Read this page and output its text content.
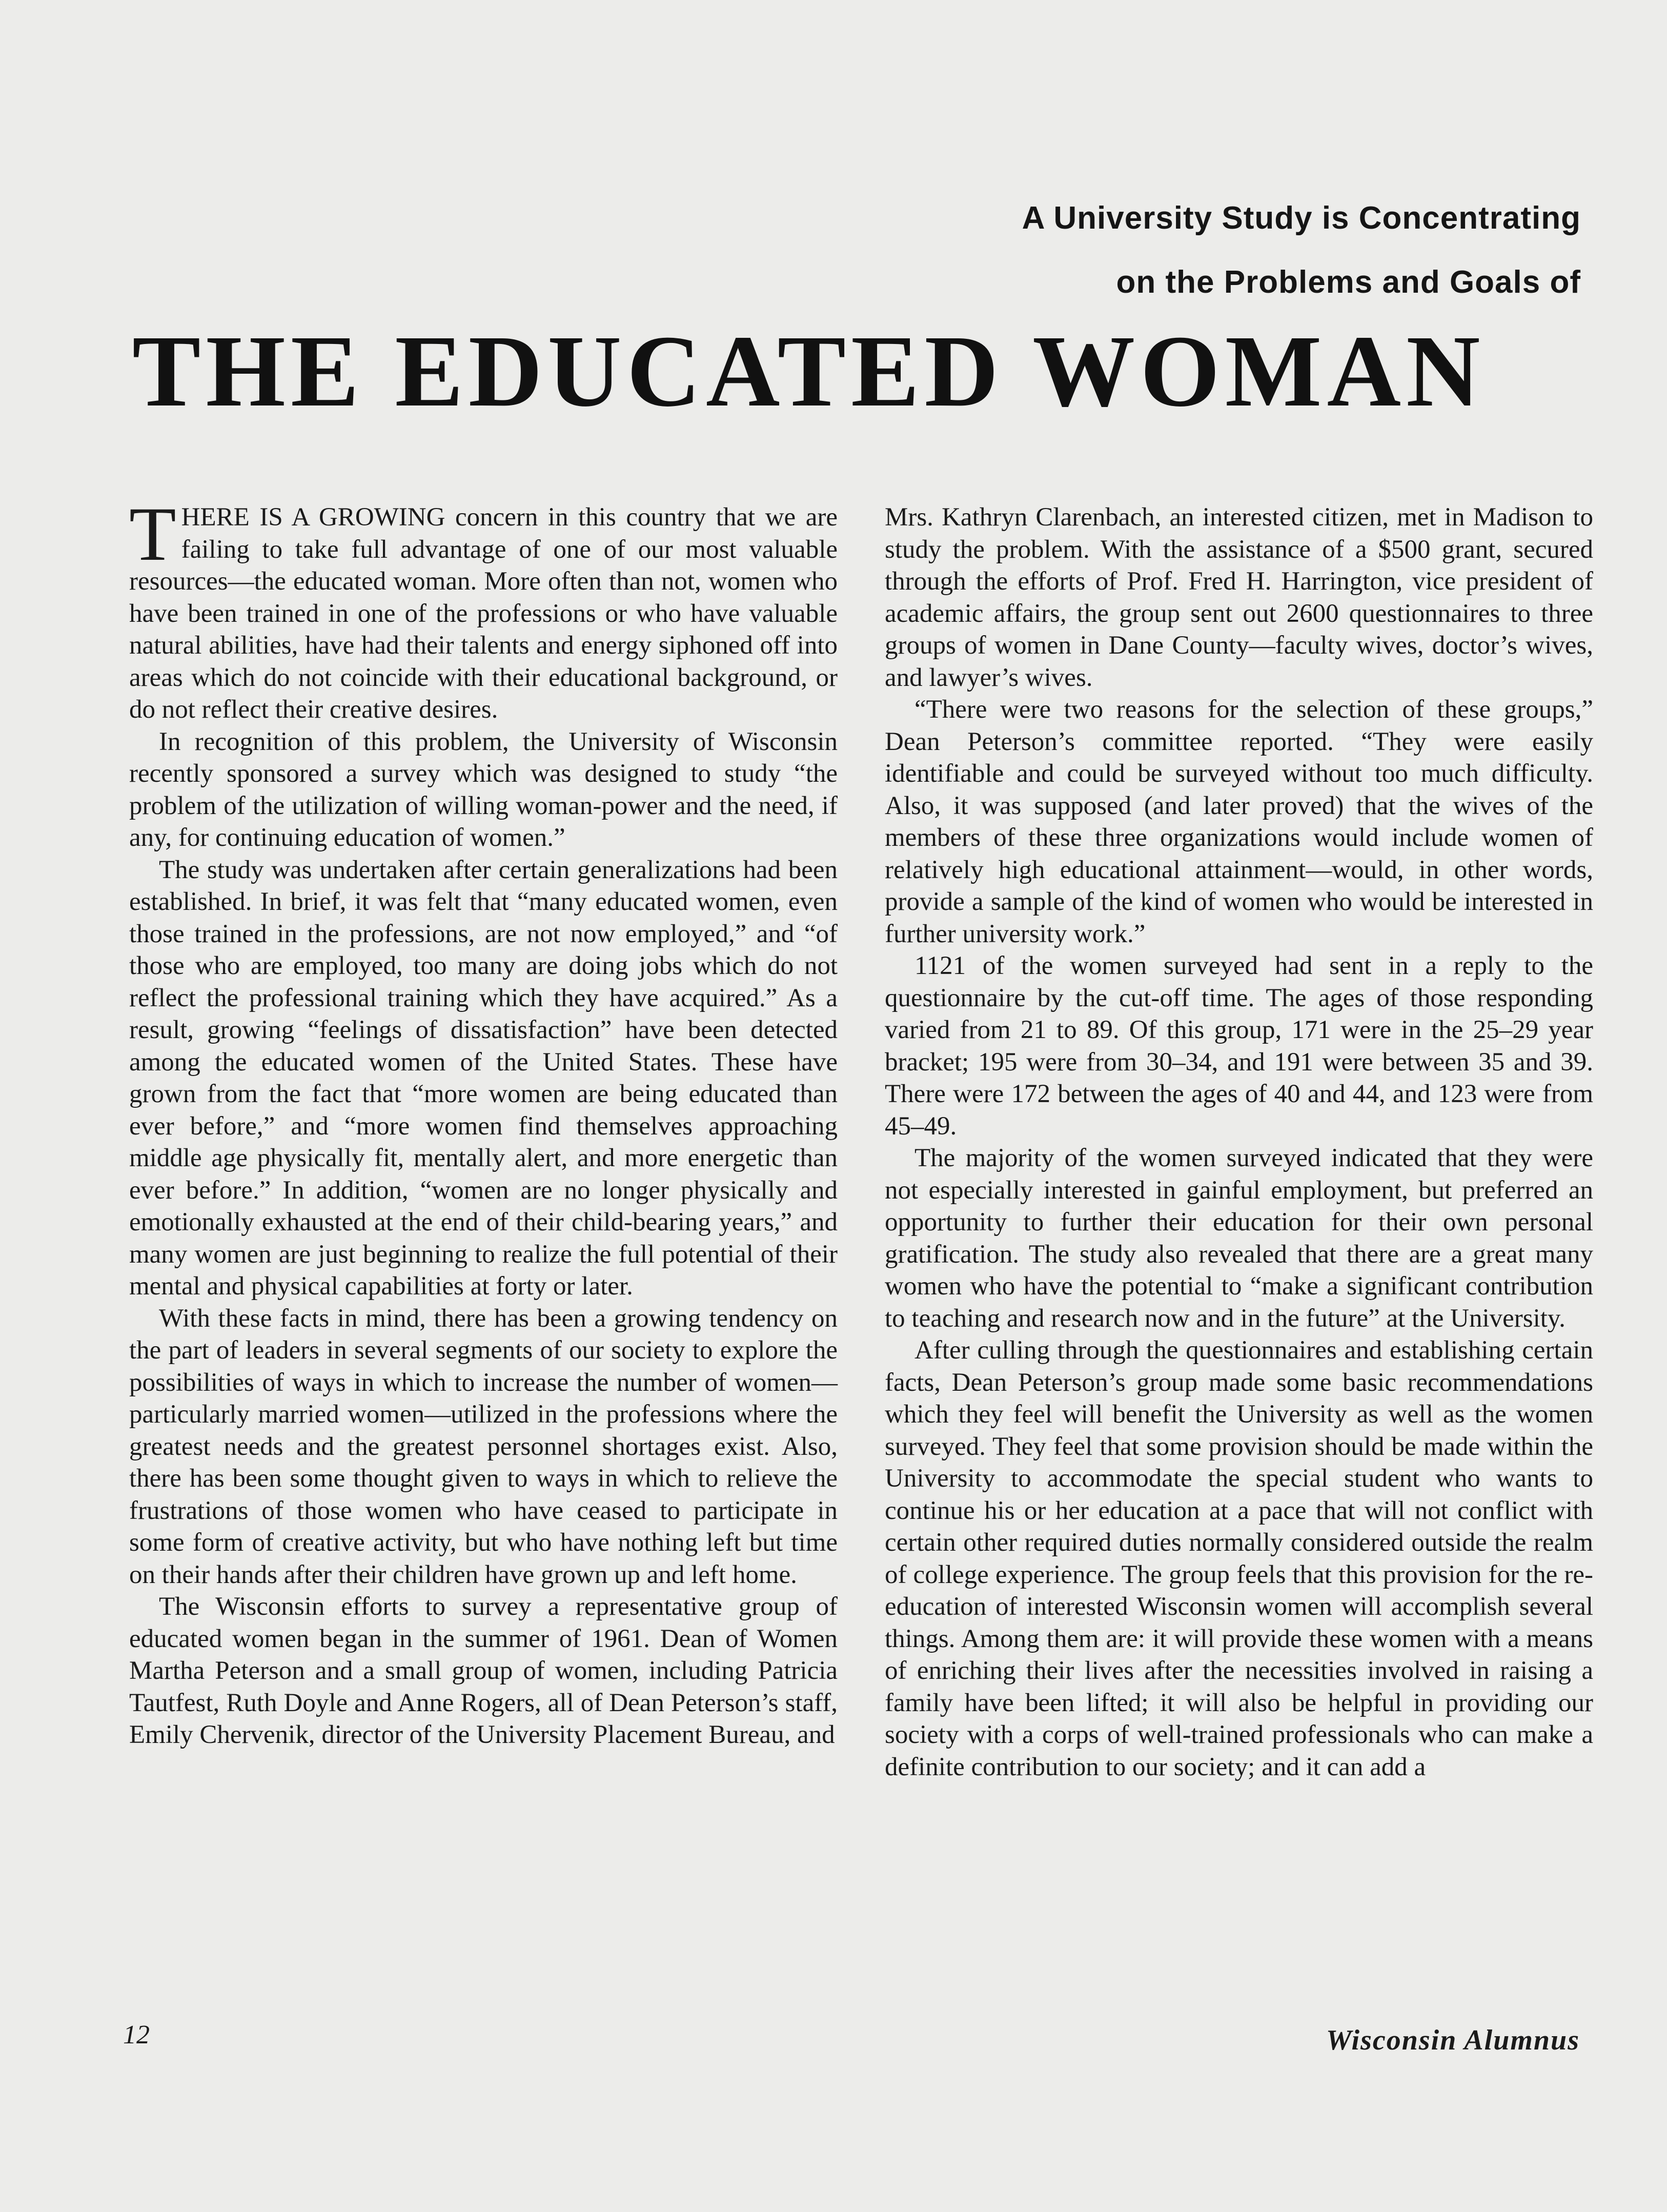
A University Study is Concentrating
on the Problems and Goals of
THE EDUCATED WOMAN

THERE IS A GROWING concern in this country that we are failing to take full advantage of one of our most valuable resources—the educated woman. More often than not, women who have been trained in one of the professions or who have valuable natural abilities, have had their talents and energy siphoned off into areas which do not coincide with their educational background, or do not reflect their creative desires.

In recognition of this problem, the University of Wisconsin recently sponsored a survey which was designed to study “the problem of the utilization of willing woman-power and the need, if any, for continuing education of women.”

The study was undertaken after certain generalizations had been established. In brief, it was felt that “many educated women, even those trained in the professions, are not now employed,” and “of those who are employed, too many are doing jobs which do not reflect the professional training which they have acquired.” As a result, growing “feelings of dissatisfaction” have been detected among the educated women of the United States. These have grown from the fact that “more women are being educated than ever before,” and “more women find themselves approaching middle age physically fit, mentally alert, and more energetic than ever before.” In addition, “women are no longer physically and emotionally exhausted at the end of their child-bearing years,” and many women are just beginning to realize the full potential of their mental and physical capabilities at forty or later.

With these facts in mind, there has been a growing tendency on the part of leaders in several segments of our society to explore the possibilities of ways in which to increase the number of women—particularly married women—utilized in the professions where the greatest needs and the greatest personnel shortages exist. Also, there has been some thought given to ways in which to relieve the frustrations of those women who have ceased to participate in some form of creative activity, but who have nothing left but time on their hands after their children have grown up and left home.

The Wisconsin efforts to survey a representative group of educated women began in the summer of 1961. Dean of Women Martha Peterson and a small group of women, including Patricia Tautfest, Ruth Doyle and Anne Rogers, all of Dean Peterson’s staff, Emily Chervenik, director of the University Placement Bureau, and

Mrs. Kathryn Clarenbach, an interested citizen, met in Madison to study the problem. With the assistance of a $500 grant, secured through the efforts of Prof. Fred H. Harrington, vice president of academic affairs, the group sent out 2600 questionnaires to three groups of women in Dane County—faculty wives, doctor’s wives, and lawyer’s wives.

“There were two reasons for the selection of these groups,” Dean Peterson’s committee reported. “They were easily identifiable and could be surveyed without too much difficulty. Also, it was supposed (and later proved) that the wives of the members of these three organizations would include women of relatively high educational attainment—would, in other words, provide a sample of the kind of women who would be interested in further university work.”

1121 of the women surveyed had sent in a reply to the questionnaire by the cut-off time. The ages of those responding varied from 21 to 89. Of this group, 171 were in the 25–29 year bracket; 195 were from 30–34, and 191 were between 35 and 39. There were 172 between the ages of 40 and 44, and 123 were from 45–49.

The majority of the women surveyed indicated that they were not especially interested in gainful employment, but preferred an opportunity to further their education for their own personal gratification. The study also revealed that there are a great many women who have the potential to “make a significant contribution to teaching and research now and in the future” at the University.

After culling through the questionnaires and establishing certain facts, Dean Peterson’s group made some basic recommendations which they feel will benefit the University as well as the women surveyed. They feel that some provision should be made within the University to accommodate the special student who wants to continue his or her education at a pace that will not conflict with certain other required duties normally considered outside the realm of college experience. The group feels that this provision for the re-education of interested Wisconsin women will accomplish several things. Among them are: it will provide these women with a means of enriching their lives after the necessities involved in raising a family have been lifted; it will also be helpful in providing our society with a corps of well-trained professionals who can make a definite contribution to our society; and it can add a

12	Wisconsin Alumnus
